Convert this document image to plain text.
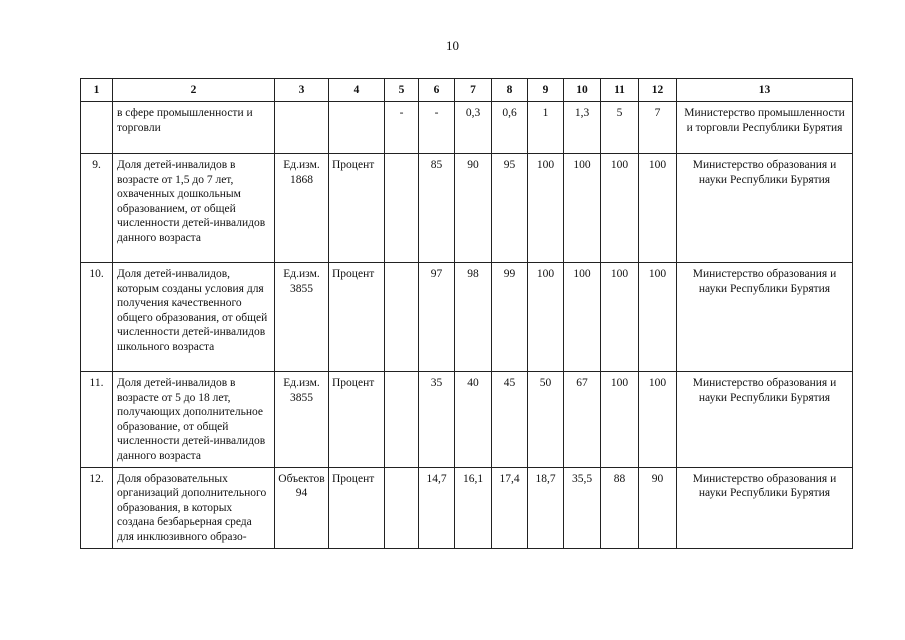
10
1	2	3	4	5	6	7	8	9	10	11	12	13
	в сфере промышленности и торговли			-	-	0,3	0,6	1	1,3	5	7	Министерство промышленности и торговли Республики Бурятия
9.	Доля детей-инвалидов в возрасте от 1,5 до 7 лет, охваченных дошкольным образованием, от общей численности детей-инвалидов данного возраста	Ед.изм. 1868	Процент		85	90	95	100	100	100	100	Министерство образования и науки Республики Бурятия
10.	Доля детей-инвалидов, которым созданы условия для получения качественного общего образования, от общей численности детей-инвалидов школьного возраста	Ед.изм. 3855	Процент		97	98	99	100	100	100	100	Министерство образования и науки Республики Бурятия
11.	Доля детей-инвалидов в возрасте от 5 до 18 лет, получающих дополнительное образование, от общей численности детей-инвалидов данного возраста	Ед.изм. 3855	Процент		35	40	45	50	67	100	100	Министерство образования и науки Республики Бурятия
12.	Доля образовательных организаций дополнительного образования, в которых создана безбарьерная среда для инклюзивного образо-	Объектов 94	Процент		14,7	16,1	17,4	18,7	35,5	88	90	Министерство образования и науки Республики Бурятия
